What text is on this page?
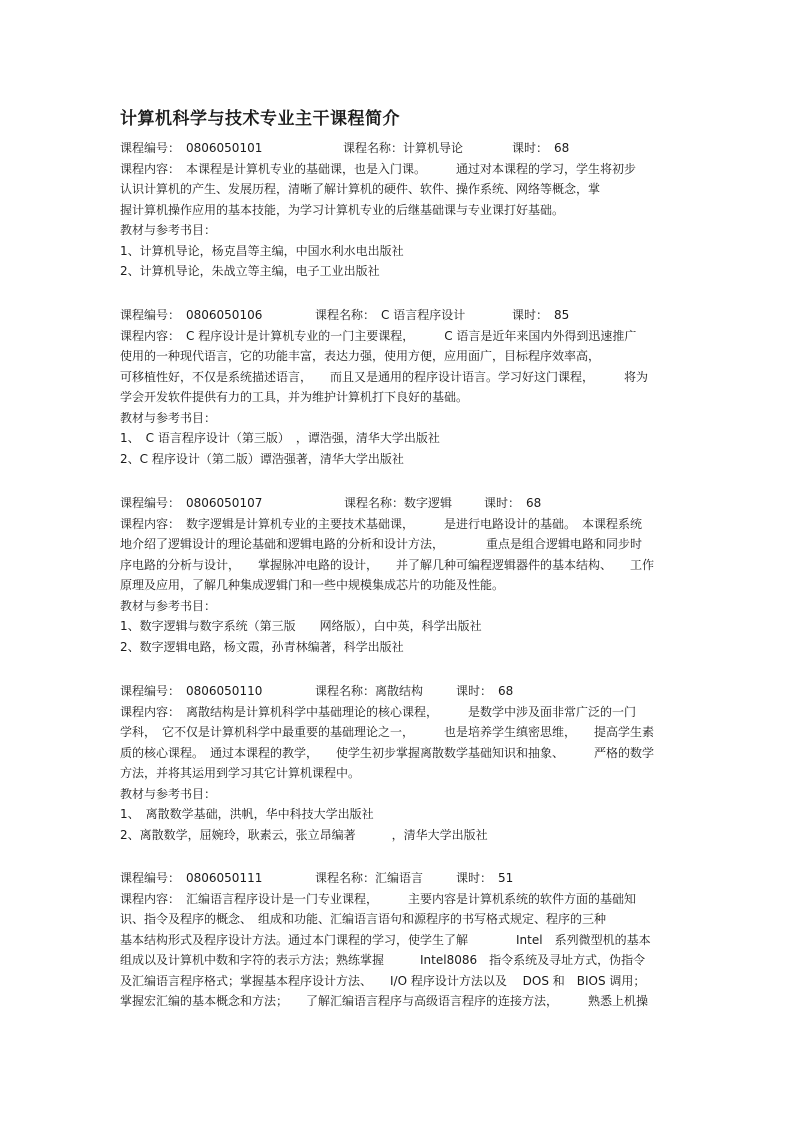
计算机科学与技术专业主干课程简介
课程编号：　0806050101	课程名称：计算机导论	课时：　68
课程内容：　本课程是计算机专业的基础课，也是入门课。　　　通过对本课程的学习，学生将初步
认识计算机的产生、发展历程，清晰了解计算机的硬件、软件、操作系统、网络等概念，掌
握计算机操作应用的基本技能，为学习计算机专业的后继基础课与专业课打好基础。
教材与参考书目：
1、计算机导论，杨克昌等主编，中国水利水电出版社
2、计算机导论，朱战立等主编，电子工业出版社
课程编号：　0806050106	课程名称：　C 语言程序设计	课时：　85
课程内容：　C 程序设计是计算机专业的一门主要课程，　　　C 语言是近年来国内外得到迅速推广
使用的一种现代语言，它的功能丰富，表达力强，使用方便，应用面广，目标程序效率高，
可移植性好，不仅是系统描述语言，　　而且又是通用的程序设计语言。学习好这门课程，　　　将为
学会开发软件提供有力的工具，并为维护计算机打下良好的基础。
教材与参考书目：
1、　C 语言程序设计（第三版）　，谭浩强，清华大学出版社
2、C 程序设计（第二版）谭浩强著，清华大学出版社
课程编号：　0806050107	课程名称：数字逻辑	课时：　68
课程内容：　数字逻辑是计算机专业的主要技术基础课，　　　是进行电路设计的基础。　本课程系统
地介绍了逻辑设计的理论基础和逻辑电路的分析和设计方法，　　　　重点是组合逻辑电路和同步时
序电路的分析与设计，　　掌握脉冲电路的设计，　　并了解几种可编程逻辑器件的基本结构、　　工作
原理及应用，了解几种集成逻辑门和一些中规模集成芯片的功能及性能。
教材与参考书目：
1、数字逻辑与数字系统（第三版　　网络版），白中英，科学出版社
2、数字逻辑电路，杨文霞，孙青林编著，科学出版社
课程编号：　0806050110	课程名称：离散结构	课时：　68
课程内容：　离散结构是计算机科学中基础理论的核心课程，　　　是数学中涉及面非常广泛的一门
学科，　它不仅是计算机科学中最重要的基础理论之一，　　　也是培养学生缜密思维，　　提高学生素
质的核心课程。　通过本课程的教学，　　使学生初步掌握离散数学基础知识和抽象、　　　严格的数学
方法，并将其运用到学习其它计算机课程中。
教材与参考书目：
1、　离散数学基础，洪帆，华中科技大学出版社
2、离散数学，屈婉玲，耿素云，张立昂编著　　　，清华大学出版社
课程编号：　0806050111	课程名称：汇编语言	课时：　51
课程内容：　汇编语言程序设计是一门专业课程，　　　主要内容是计算机系统的软件方面的基础知
识、指令及程序的概念、　组成和功能、汇编语言语句和源程序的书写格式规定、程序的三种
基本结构形式及程序设计方法。通过本门课程的学习，使学生了解　　　　Intel　系列微型机的基本
组成以及计算机中数和字符的表示方法；熟练掌握　　　Intel8086　指令系统及寻址方式，伪指令
及汇编语言程序格式；掌握基本程序设计方法、　　I/O 程序设计方法以及　 DOS 和　BIOS 调用；
掌握宏汇编的基本概念和方法；　　了解汇编语言程序与高级语言程序的连接方法，　　　熟悉上机操
